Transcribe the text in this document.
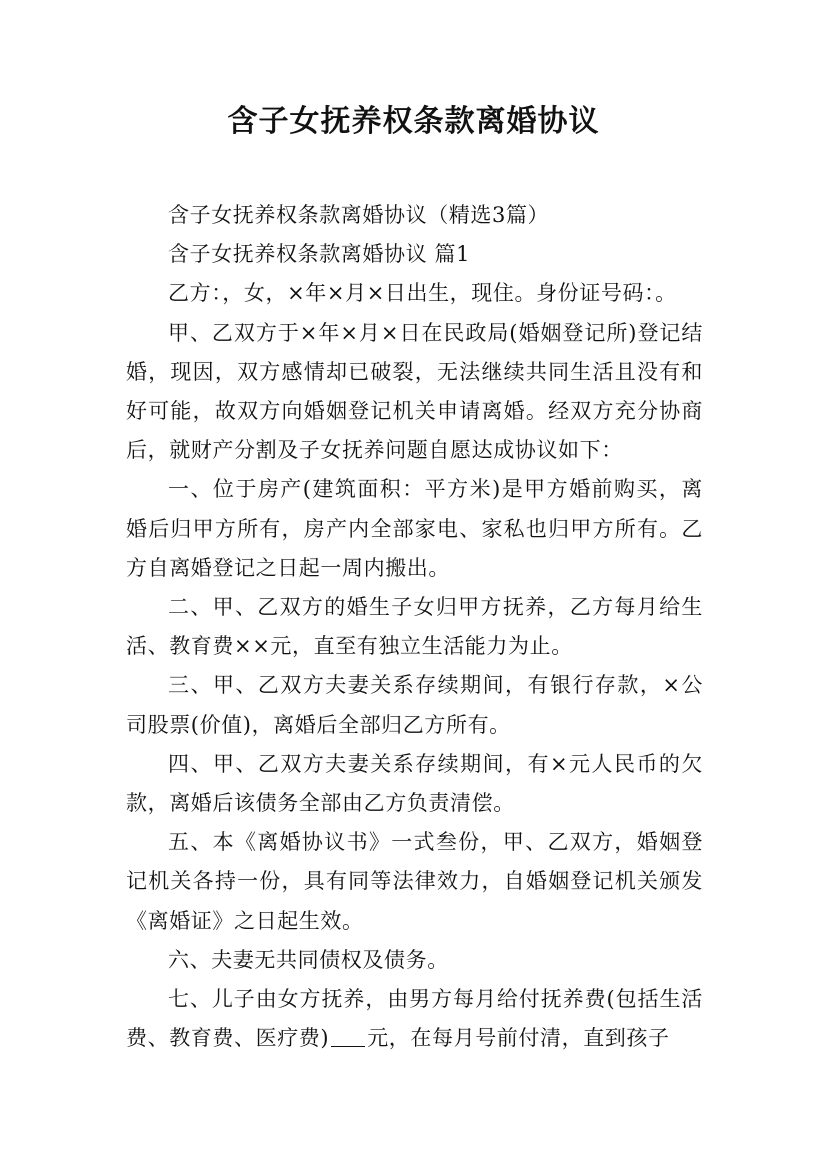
含子女抚养权条款离婚协议

含子女抚养权条款离婚协议（精选3篇）

含子女抚养权条款离婚协议 篇1

乙方：，女，×年×月×日出生，现住。身份证号码：。

甲、乙双方于×年×月×日在民政局(婚姻登记所)登记结婚，现因，双方感情却已破裂，无法继续共同生活且没有和好可能，故双方向婚姻登记机关申请离婚。经双方充分协商后，就财产分割及子女抚养问题自愿达成协议如下：

一、位于房产(建筑面积：平方米)是甲方婚前购买，离婚后归甲方所有，房产内全部家电、家私也归甲方所有。乙方自离婚登记之日起一周内搬出。

二、甲、乙双方的婚生子女归甲方抚养，乙方每月给生活、教育费××元，直至有独立生活能力为止。

三、甲、乙双方夫妻关系存续期间，有银行存款，×公司股票(价值)，离婚后全部归乙方所有。

四、甲、乙双方夫妻关系存续期间，有×元人民币的欠款，离婚后该债务全部由乙方负责清偿。

五、本《离婚协议书》一式叁份，甲、乙双方，婚姻登记机关各持一份，具有同等法律效力，自婚姻登记机关颁发《离婚证》之日起生效。

六、夫妻无共同债权及债务。

七、儿子由女方抚养，由男方每月给付抚养费(包括生活费、教育费、医疗费) 元，在每月号前付清，直到孩子
